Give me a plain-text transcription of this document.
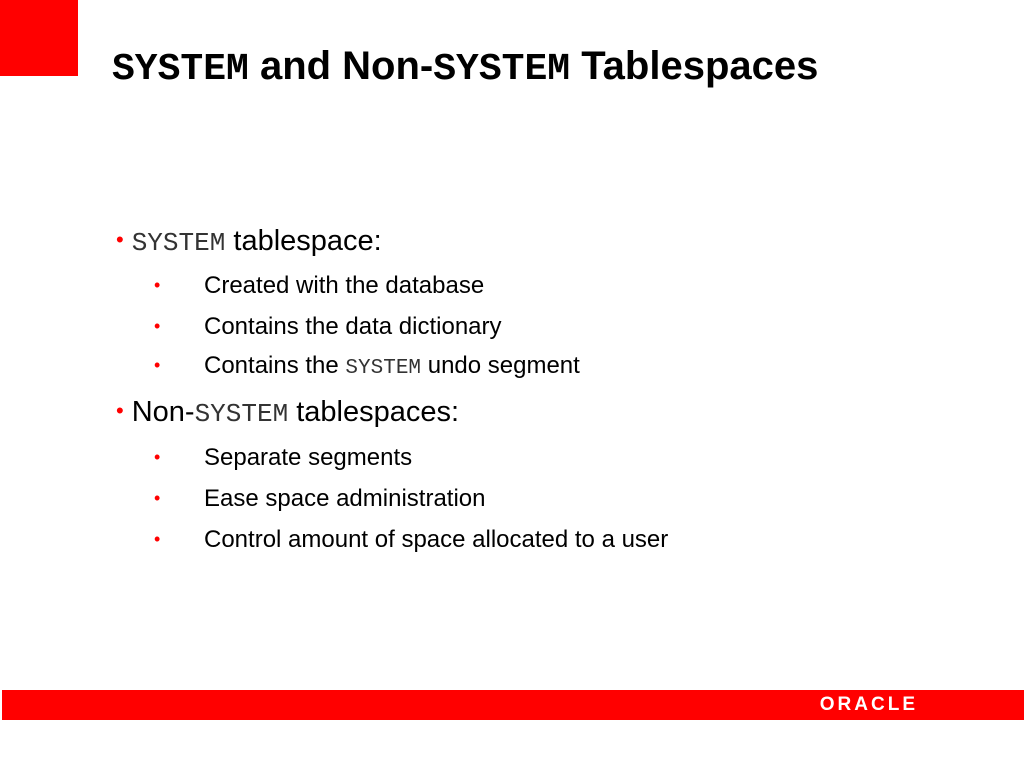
SYSTEM and Non-SYSTEM Tablespaces
• SYSTEM tablespace:
• Created with the database
• Contains the data dictionary
• Contains the SYSTEM undo segment
• Non-SYSTEM tablespaces:
• Separate segments
• Ease space administration
• Control amount of space allocated to a user
ORACLE
